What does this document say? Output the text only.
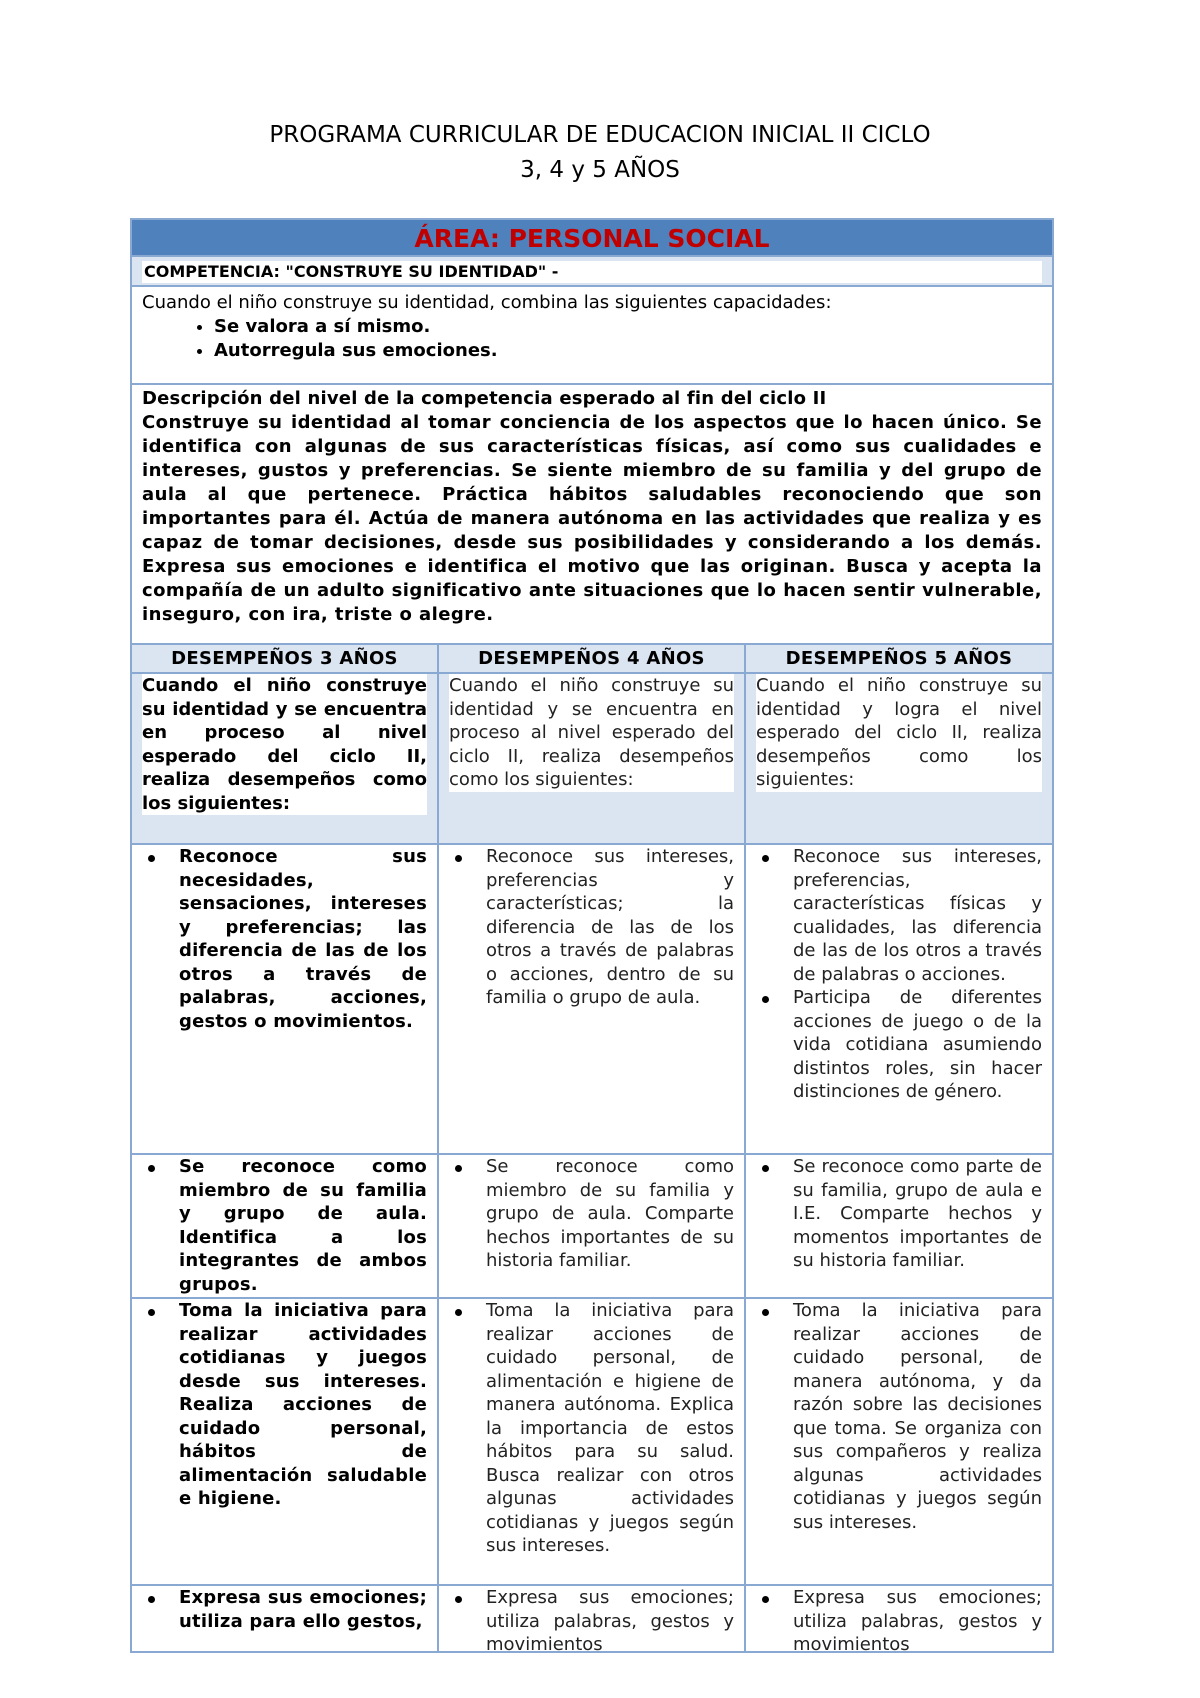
PROGRAMA CURRICULAR DE EDUCACION INICIAL II CICLO
3, 4 y 5 AÑOS
ÁREA: PERSONAL SOCIAL
COMPETENCIA: "CONSTRUYE SU IDENTIDAD" -
Cuando el niño construye su identidad, combina las siguientes capacidades:
• Se valora a sí mismo.
• Autorregula sus emociones.
Descripción del nivel de la competencia esperado al fin del ciclo II
Construye su identidad al tomar conciencia de los aspectos que lo hacen único. Se identifica con algunas de sus características físicas, así como sus cualidades e intereses, gustos y preferencias. Se siente miembro de su familia y del grupo de aula al que pertenece. Práctica hábitos saludables reconociendo que son importantes para él. Actúa de manera autónoma en las actividades que realiza y es capaz de tomar decisiones, desde sus posibilidades y considerando a los demás. Expresa sus emociones e identifica el motivo que las originan. Busca y acepta la compañía de un adulto significativo ante situaciones que lo hacen sentir vulnerable, inseguro, con ira, triste o alegre.
DESEMPEÑOS 3 AÑOS	DESEMPEÑOS 4 AÑOS	DESEMPEÑOS 5 AÑOS
Cuando el niño construye su identidad y se encuentra en proceso al nivel esperado del ciclo II, realiza desempeños como los siguientes:
Cuando el niño construye su identidad y se encuentra en proceso al nivel esperado del ciclo II, realiza desempeños como los siguientes:
Cuando el niño construye su identidad y logra el nivel esperado del ciclo II, realiza desempeños como los siguientes:
Reconoce sus necesidades, sensaciones, intereses y preferencias; las diferencia de las de los otros a través de palabras, acciones, gestos o movimientos.
Reconoce sus intereses, preferencias y características; la diferencia de las de los otros a través de palabras o acciones, dentro de su familia o grupo de aula.
Reconoce sus intereses, preferencias, características físicas y cualidades, las diferencia de las de los otros a través de palabras o acciones.
Participa de diferentes acciones de juego o de la vida cotidiana asumiendo distintos roles, sin hacer distinciones de género.
Se reconoce como miembro de su familia y grupo de aula. Identifica a los integrantes de ambos grupos.
Se reconoce como miembro de su familia y grupo de aula. Comparte hechos importantes de su historia familiar.
Se reconoce como parte de su familia, grupo de aula e I.E. Comparte hechos y momentos importantes de su historia familiar.
Toma la iniciativa para realizar actividades cotidianas y juegos desde sus intereses. Realiza acciones de cuidado personal, hábitos de alimentación saludable e higiene.
Toma la iniciativa para realizar acciones de cuidado personal, de alimentación e higiene de manera autónoma. Explica la importancia de estos hábitos para su salud. Busca realizar con otros algunas actividades cotidianas y juegos según sus intereses.
Toma la iniciativa para realizar acciones de cuidado personal, de manera autónoma, y da razón sobre las decisiones que toma. Se organiza con sus compañeros y realiza algunas actividades cotidianas y juegos según sus intereses.
Expresa sus emociones; utiliza para ello gestos,
Expresa sus emociones; utiliza palabras, gestos y movimientos
Expresa sus emociones; utiliza palabras, gestos y movimientos
